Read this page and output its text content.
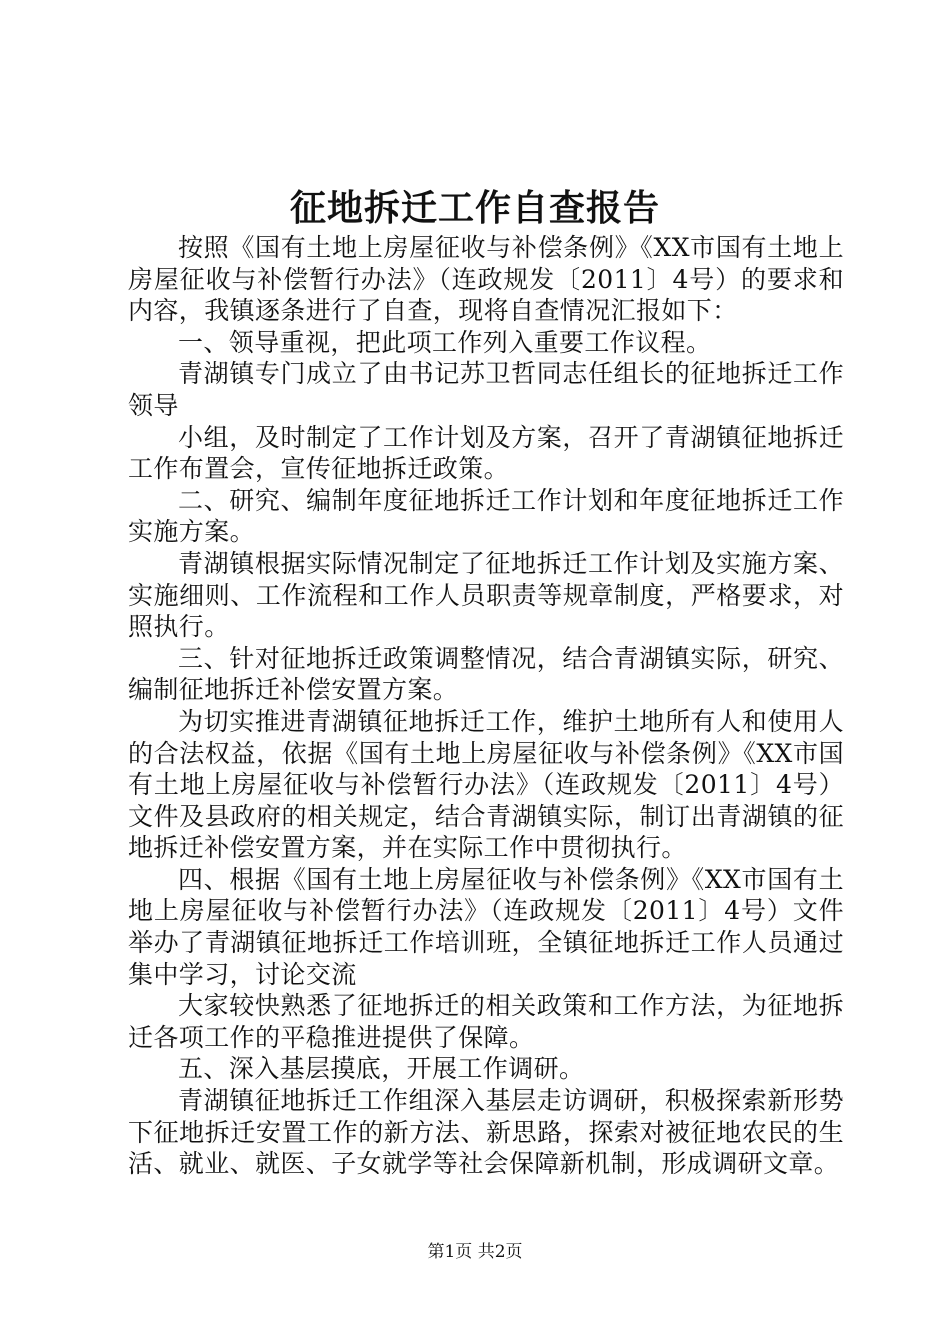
征地拆迁工作自查报告

按照《国有土地上房屋征收与补偿条例》《XX市国有土地上房屋征收与补偿暂行办法》（连政规发〔2011〕4号）的要求和内容，我镇逐条进行了自查，现将自查情况汇报如下：

一、领导重视，把此项工作列入重要工作议程。

青湖镇专门成立了由书记苏卫哲同志任组长的征地拆迁工作领导

小组，及时制定了工作计划及方案，召开了青湖镇征地拆迁工作布置会，宣传征地拆迁政策。

二、研究、编制年度征地拆迁工作计划和年度征地拆迁工作实施方案。

青湖镇根据实际情况制定了征地拆迁工作计划及实施方案、实施细则、工作流程和工作人员职责等规章制度，严格要求，对照执行。

三、针对征地拆迁政策调整情况，结合青湖镇实际，研究、编制征地拆迁补偿安置方案。

为切实推进青湖镇征地拆迁工作，维护土地所有人和使用人的合法权益，依据《国有土地上房屋征收与补偿条例》《XX市国有土地上房屋征收与补偿暂行办法》（连政规发〔2011〕4号）文件及县政府的相关规定，结合青湖镇实际，制订出青湖镇的征地拆迁补偿安置方案，并在实际工作中贯彻执行。

四、根据《国有土地上房屋征收与补偿条例》《XX市国有土地上房屋征收与补偿暂行办法》（连政规发〔2011〕4号）文件举办了青湖镇征地拆迁工作培训班，全镇征地拆迁工作人员通过集中学习，讨论交流

大家较快熟悉了征地拆迁的相关政策和工作方法，为征地拆迁各项工作的平稳推进提供了保障。

五、深入基层摸底，开展工作调研。

青湖镇征地拆迁工作组深入基层走访调研，积极探索新形势下征地拆迁安置工作的新方法、新思路，探索对被征地农民的生活、就业、就医、子女就学等社会保障新机制，形成调研文章。

第1页 共2页
